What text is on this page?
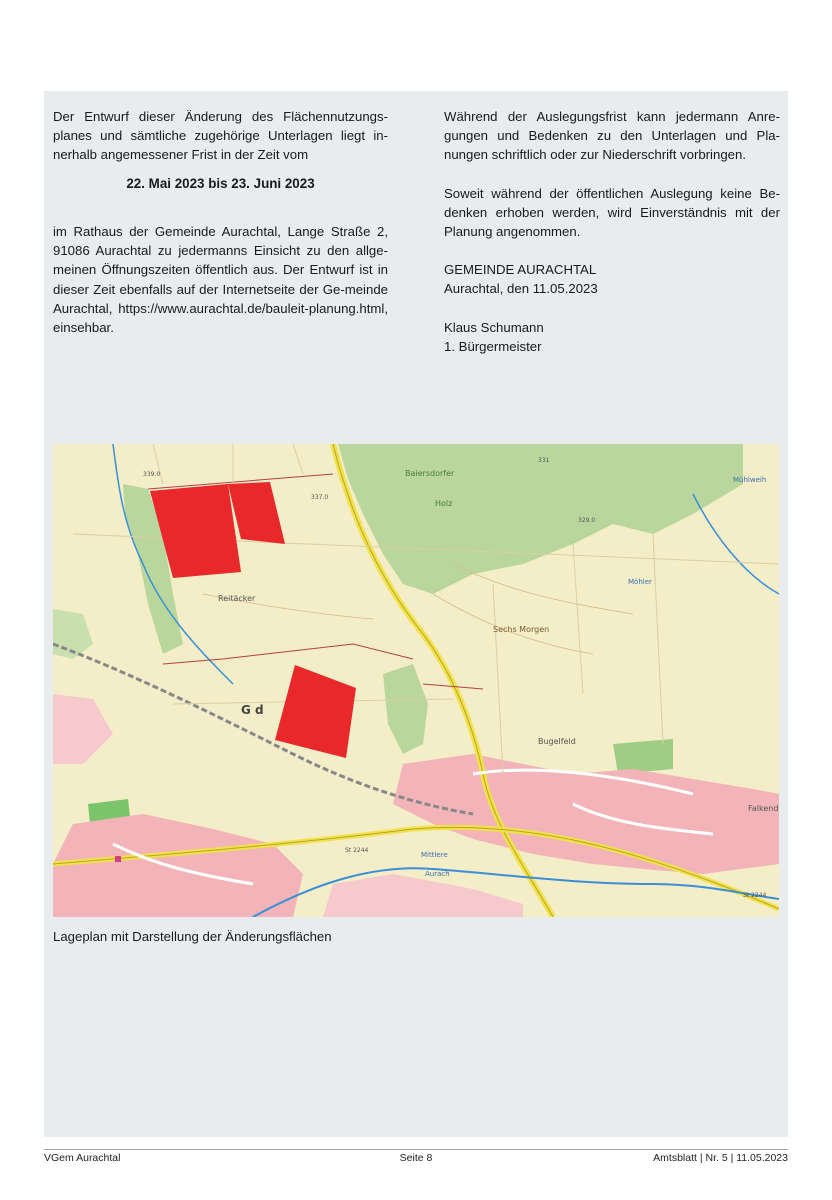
Der Entwurf dieser Änderung des Flächennutzungs-planes und sämtliche zugehörige Unterlagen liegt in-nerhalb angemessener Frist in der Zeit vom

22. Mai 2023 bis 23. Juni 2023

im Rathaus der Gemeinde Aurachtal, Lange Straße 2, 91086 Aurachtal zu jedermanns Einsicht zu den allge-meinen Öffnungszeiten öffentlich aus. Der Entwurf ist in dieser Zeit ebenfalls auf der Internetseite der Ge-meinde Aurachtal, https://www.aurachtal.de/bauleit-planung.html, einsehbar.

Während der Auslegungsfrist kann jedermann Anre-gungen und Bedenken zu den Unterlagen und Pla-nungen schriftlich oder zur Niederschrift vorbringen.

Soweit während der öffentlichen Auslegung keine Be-denken erhoben werden, wird Einverständnis mit der Planung angenommen.

GEMEINDE AURACHTAL

Aurachtal, den 11.05.2023

Klaus Schumann

1. Bürgermeister

Baiersdorfer
Holz
Mühlweih
Möhler
Reitäcker
Sechs Morgen
Bugelfeld
G d
Falkend
Mittlere
Aurach
St 2244
St 2244
337.0
339.0
331
329.0
Lageplan mit Darstellung der Änderungsflächen
VGem Aurachtal	Seite 8	Amtsblatt | Nr. 5 | 11.05.2023
